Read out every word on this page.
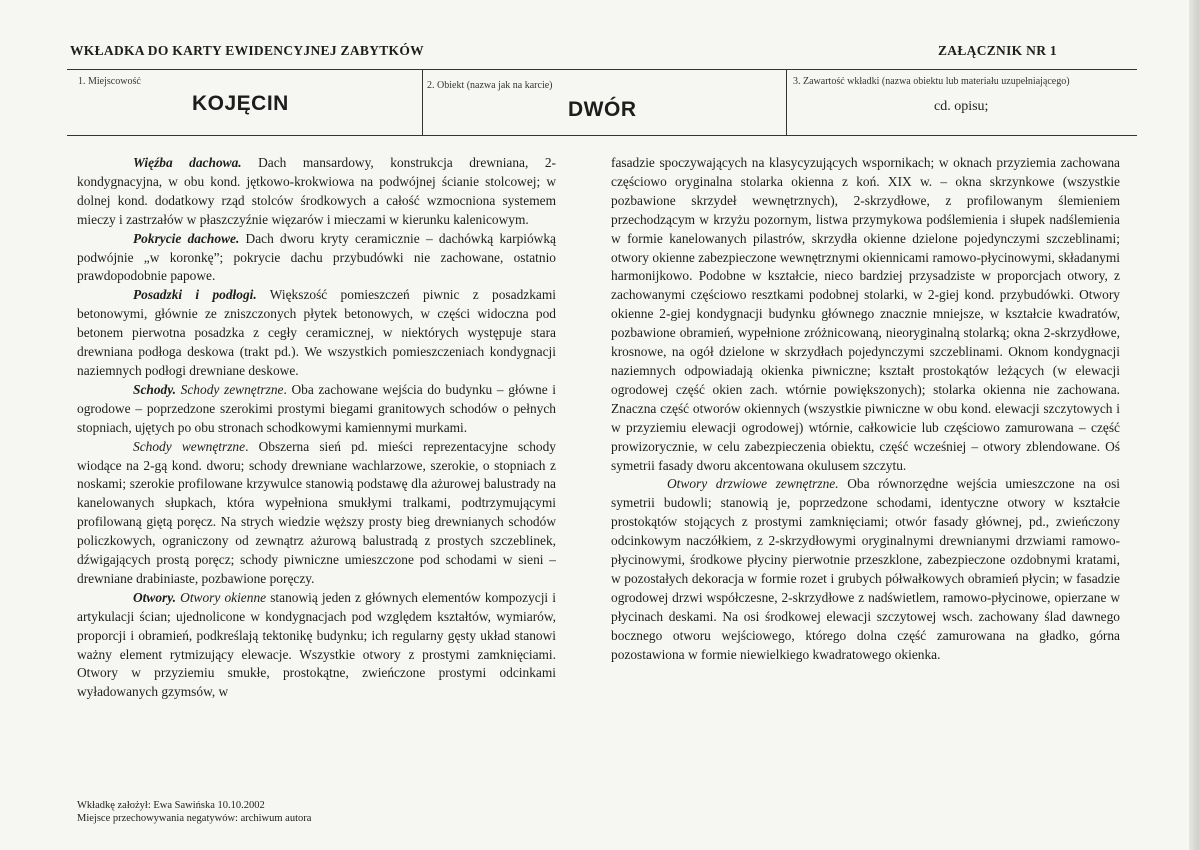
WKŁADKA DO KARTY EWIDENCYJNEJ ZABYTKÓW	ZAŁĄCZNIK NR 1
1. Miejscowość
KOJĘCIN
2. Obiekt (nazwa jak na karcie)
DWÓR
3. Zawartość wkładki (nazwa obiektu lub materiału uzupełniającego)
cd. opisu;

Więźba dachowa. Dach mansardowy, konstrukcja drewniana, 2-kondygnacyjna, w obu kond. jętkowo-krokwiowa na podwójnej ścianie stolcowej; w dolnej kond. dodatkowy rząd stolców środkowych a całość wzmocniona systemem mieczy i zastrzałów w płaszczyźnie więzarów i mieczami w kierunku kalenicowym.

Pokrycie dachowe. Dach dworu kryty ceramicznie – dachówką karpiówką podwójnie „w koronkę”; pokrycie dachu przybudówki nie zachowane, ostatnio prawdopodobnie papowe.

Posadzki i podłogi. Większość pomieszczeń piwnic z posadzkami betonowymi, głównie ze zniszczonych płytek betonowych, w części widoczna pod betonem pierwotna posadzka z cegły ceramicznej, w niektórych występuje stara drewniana podłoga deskowa (trakt pd.). We wszystkich pomieszczeniach kondygnacji naziemnych podłogi drewniane deskowe.

Schody. Schody zewnętrzne. Oba zachowane wejścia do budynku – główne i ogrodowe – poprzedzone szerokimi prostymi biegami granitowych schodów o pełnych stopniach, ujętych po obu stronach schodkowymi kamiennymi murkami.

Schody wewnętrzne. Obszerna sień pd. mieści reprezentacyjne schody wiodące na 2-gą kond. dworu; schody drewniane wachlarzowe, szerokie, o stopniach z noskami; szerokie profilowane krzywulce stanowią podstawę dla ażurowej balustrady na kanelowanych słupkach, która wypełniona smukłymi tralkami, podtrzymującymi profilowaną giętą poręcz. Na strych wiedzie węższy prosty bieg drewnianych schodów policzkowych, ograniczony od zewnątrz ażurową balustradą z prostych szczeblinek, dźwigających prostą poręcz; schody piwniczne umieszczone pod schodami w sieni – drewniane drabiniaste, pozbawione poręczy.

Otwory. Otwory okienne stanowią jeden z głównych elementów kompozycji i artykulacji ścian; ujednolicone w kondygnacjach pod względem kształtów, wymiarów, proporcji i obramień, podkreślają tektonikę budynku; ich regularny gęsty układ stanowi ważny element rytmizujący elewacje. Wszystkie otwory z prostymi zamknięciami. Otwory w przyziemiu smukłe, prostokątne, zwieńczone prostymi odcinkami wyładowanych gzymsów, w

fasadzie spoczywających na klasycyzujących wspornikach; w oknach przyziemia zachowana częściowo oryginalna stolarka okienna z koń. XIX w. – okna skrzynkowe (wszystkie pozbawione skrzydeł wewnętrznych), 2-skrzydłowe, z profilowanym ślemieniem przechodzącym w krzyżu pozornym, listwa przymykowa podślemienia i słupek nadślemienia w formie kanelowanych pilastrów, skrzydła okienne dzielone pojedynczymi szczeblinami; otwory okienne zabezpieczone wewnętrznymi okiennicami ramowo-płycinowymi, składanymi harmonijkowo. Podobne w kształcie, nieco bardziej przysadziste w proporcjach otwory, z zachowanymi częściowo resztkami podobnej stolarki, w 2-giej kond. przybudówki. Otwory okienne 2-giej kondygnacji budynku głównego znacznie mniejsze, w kształcie kwadratów, pozbawione obramień, wypełnione zróżnicowaną, nieoryginalną stolarką; okna 2-skrzydłowe, krosnowe, na ogół dzielone w skrzydłach pojedynczymi szczeblinami. Oknom kondygnacji naziemnych odpowiadają okienka piwniczne; kształt prostokątów leżących (w elewacji ogrodowej część okien zach. wtórnie powiększonych); stolarka okienna nie zachowana. Znaczna część otworów okiennych (wszystkie piwniczne w obu kond. elewacji szczytowych i w przyziemiu elewacji ogrodowej) wtórnie, całkowicie lub częściowo zamurowana – część prowizorycznie, w celu zabezpieczenia obiektu, część wcześniej – otwory zblendowane. Oś symetrii fasady dworu akcentowana okulusem szczytu.

Otwory drzwiowe zewnętrzne. Oba równorzędne wejścia umieszczone na osi symetrii budowli; stanowią je, poprzedzone schodami, identyczne otwory w kształcie prostokątów stojących z prostymi zamknięciami; otwór fasady głównej, pd., zwieńczony odcinkowym naczółkiem, z 2-skrzydłowymi oryginalnymi drewnianymi drzwiami ramowo-płycinowymi, środkowe płyciny pierwotnie przeszklone, zabezpieczone ozdobnymi kratami, w pozostałych dekoracja w formie rozet i grubych półwałkowych obramień płycin; w fasadzie ogrodowej drzwi współczesne, 2-skrzydłowe z nadświetlem, ramowo-płycinowe, opierzane w płycinach deskami. Na osi środkowej elewacji szczytowej wsch. zachowany ślad dawnego bocznego otworu wejściowego, którego dolna część zamurowana na gładko, górna pozostawiona w formie niewielkiego kwadratowego okienka.

Wkładkę założył: Ewa Sawińska 10.10.2002
Miejsce przechowywania negatywów: archiwum autora
